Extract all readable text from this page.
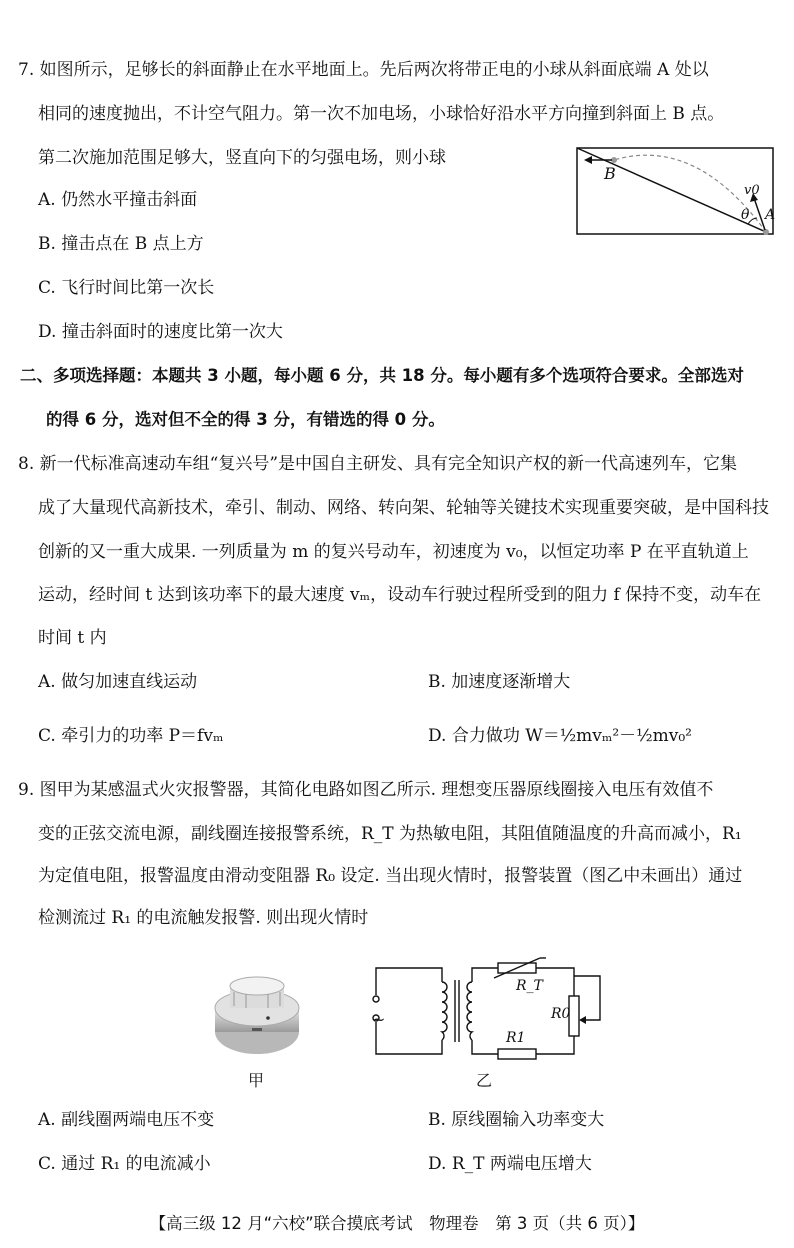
7. 如图所示，足够长的斜面静止在水平地面上。先后两次将带正电的小球从斜面底端 A 处以
相同的速度抛出，不计空气阻力。第一次不加电场，小球恰好沿水平方向撞到斜面上 B 点。
第二次施加范围足够大，竖直向下的匀强电场，则小球
A. 仍然水平撞击斜面
B. 撞击点在 B 点上方
C. 飞行时间比第一次长
D. 撞击斜面时的速度比第一次大
B
A
v0
θ
二、多项选择题：本题共 3 小题，每小题 6 分，共 18 分。每小题有多个选项符合要求。全部选对
的得 6 分，选对但不全的得 3 分，有错选的得 0 分。
8. 新一代标准高速动车组“复兴号”是中国自主研发、具有完全知识产权的新一代高速列车，它集
成了大量现代高新技术，牵引、制动、网络、转向架、轮轴等关键技术实现重要突破，是中国科技
创新的又一重大成果. 一列质量为 m 的复兴号动车，初速度为 v₀，以恒定功率 P 在平直轨道上
运动，经时间 t 达到该功率下的最大速度 vₘ，设动车行驶过程所受到的阻力 f 保持不变，动车在
时间 t 内
A. 做匀加速直线运动	B. 加速度逐渐增大
C. 牵引力的功率 P＝fvₘ	D. 合力做功 W＝½mvₘ²－½mv₀²
9. 图甲为某感温式火灾报警器，其简化电路如图乙所示. 理想变压器原线圈接入电压有效值不
变的正弦交流电源，副线圈连接报警系统，R_T 为热敏电阻，其阻值随温度的升高而减小，R₁
为定值电阻，报警温度由滑动变阻器 R₀ 设定. 当出现火情时，报警装置（图乙中未画出）通过
检测流过 R₁ 的电流触发报警. 则出现火情时
甲
~
R_T
R0
R1
乙
A. 副线圈两端电压不变	B. 原线圈输入功率变大
C. 通过 R₁ 的电流减小	D. R_T 两端电压增大
【高三级 12 月“六校”联合摸底考试　物理卷　第 3 页（共 6 页）】
